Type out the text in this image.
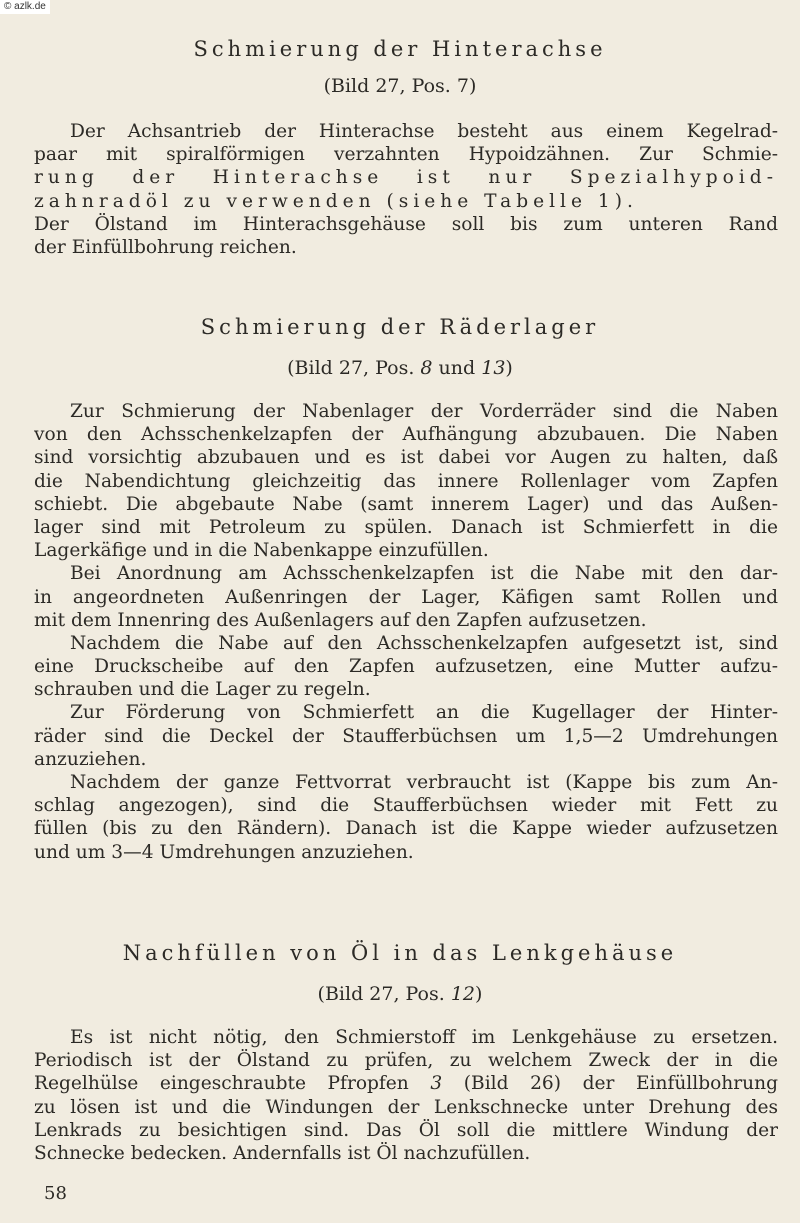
© azlk.de
Schmierung der Hinterachse
(Bild 27, Pos. 7)
Der Achsantrieb der Hinterachse besteht aus einem Kegelrad-
paar mit spiralförmigen verzahnten Hypoidzähnen. Zur Schmie-
rung der Hinterachse ist nur Spezialhypoid-
zahnradöl zu verwenden (siehe Tabelle 1).
Der Ölstand im Hinterachsgehäuse soll bis zum unteren Rand
der Einfüllbohrung reichen.
Schmierung der Räderlager
(Bild 27, Pos. 8 und 13)
Zur Schmierung der Nabenlager der Vorderräder sind die Naben
von den Achsschenkelzapfen der Aufhängung abzubauen. Die Naben
sind vorsichtig abzubauen und es ist dabei vor Augen zu halten, daß
die Nabendichtung gleichzeitig das innere Rollenlager vom Zapfen
schiebt. Die abgebaute Nabe (samt innerem Lager) und das Außen-
lager sind mit Petroleum zu spülen. Danach ist Schmierfett in die
Lagerkäfige und in die Nabenkappe einzufüllen.
Bei Anordnung am Achsschenkelzapfen ist die Nabe mit den dar-
in angeordneten Außenringen der Lager, Käfigen samt Rollen und
mit dem Innenring des Außenlagers auf den Zapfen aufzusetzen.
Nachdem die Nabe auf den Achsschenkelzapfen aufgesetzt ist, sind
eine Druckscheibe auf den Zapfen aufzusetzen, eine Mutter aufzu-
schrauben und die Lager zu regeln.
Zur Förderung von Schmierfett an die Kugellager der Hinter-
räder sind die Deckel der Staufferbüchsen um 1,5—2 Umdrehungen
anzuziehen.
Nachdem der ganze Fettvorrat verbraucht ist (Kappe bis zum An-
schlag angezogen), sind die Staufferbüchsen wieder mit Fett zu
füllen (bis zu den Rändern). Danach ist die Kappe wieder aufzusetzen
und um 3—4 Umdrehungen anzuziehen.
Nachfüllen von Öl in das Lenkgehäuse
(Bild 27, Pos. 12)
Es ist nicht nötig, den Schmierstoff im Lenkgehäuse zu ersetzen.
Periodisch ist der Ölstand zu prüfen, zu welchem Zweck der in die
Regelhülse eingeschraubte Pfropfen 3 (Bild 26) der Einfüllbohrung
zu lösen ist und die Windungen der Lenkschnecke unter Drehung des
Lenkrads zu besichtigen sind. Das Öl soll die mittlere Windung der
Schnecke bedecken. Andernfalls ist Öl nachzufüllen.
58
